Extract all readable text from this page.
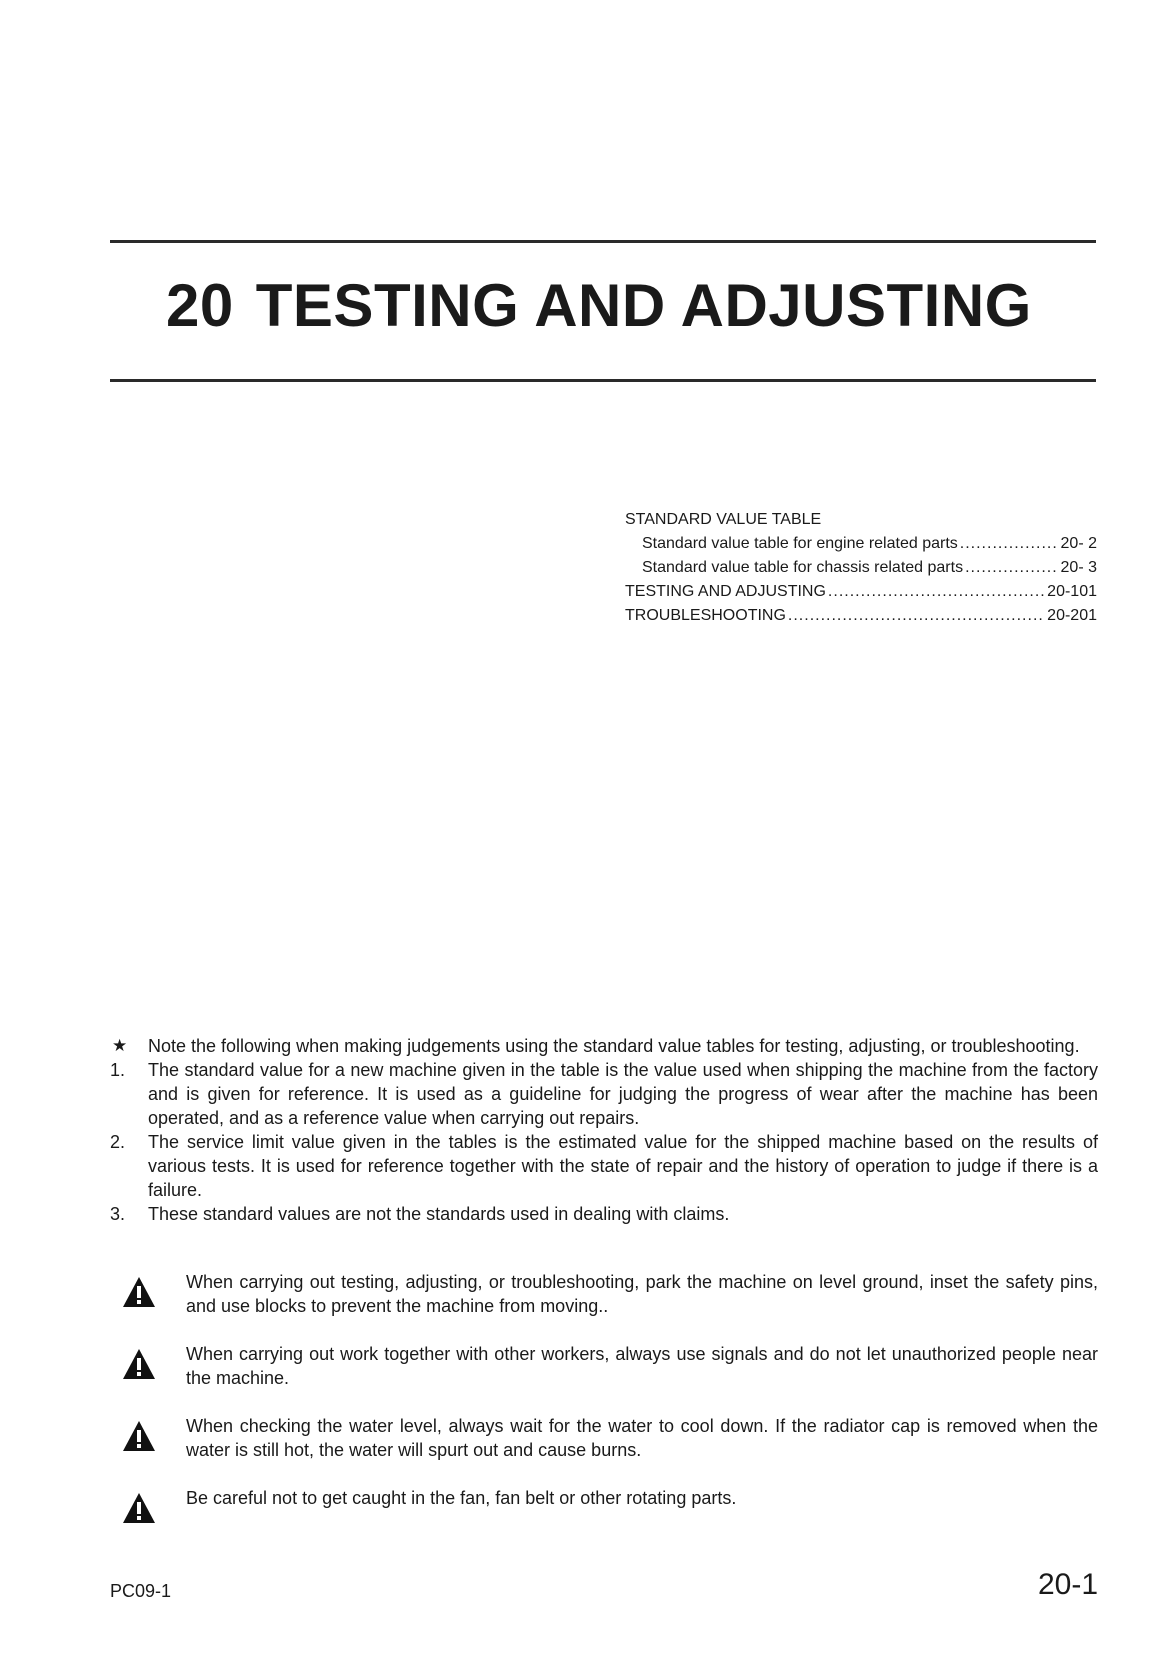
20 TESTING AND ADJUSTING
STANDARD VALUE TABLE
Standard value table for engine related parts .....	20- 2
Standard value table for chassis related parts .....	20- 3
TESTING AND ADJUSTING .....	20-101
TROUBLESHOOTING .....	20-201
★	Note the following when making judgements using the standard value tables for testing, adjusting, or troubleshooting.
1.	The standard value for a new machine given in the table is the value used when shipping the machine from the factory and is given for reference. It is used as a guideline for judging the progress of wear after the machine has been operated, and as a reference value when carrying out repairs.
2.	The service limit value given in the tables is the estimated value for the shipped machine based on the results of various tests. It is used for reference together with the state of repair and the history of operation to judge if there is a failure.
3.	These standard values are not the standards used in dealing with claims.
When carrying out testing, adjusting, or troubleshooting, park the machine on level ground, inset the safety pins, and use blocks to prevent the machine from moving..
When carrying out work together with other workers, always use signals and do not let unauthorized people near the machine.
When checking the water level, always wait for the water to cool down. If the radiator cap is removed when the water is still hot, the water will spurt out and cause burns.
Be careful not to get caught in the fan, fan belt or other rotating parts.
PC09-1	20-1
